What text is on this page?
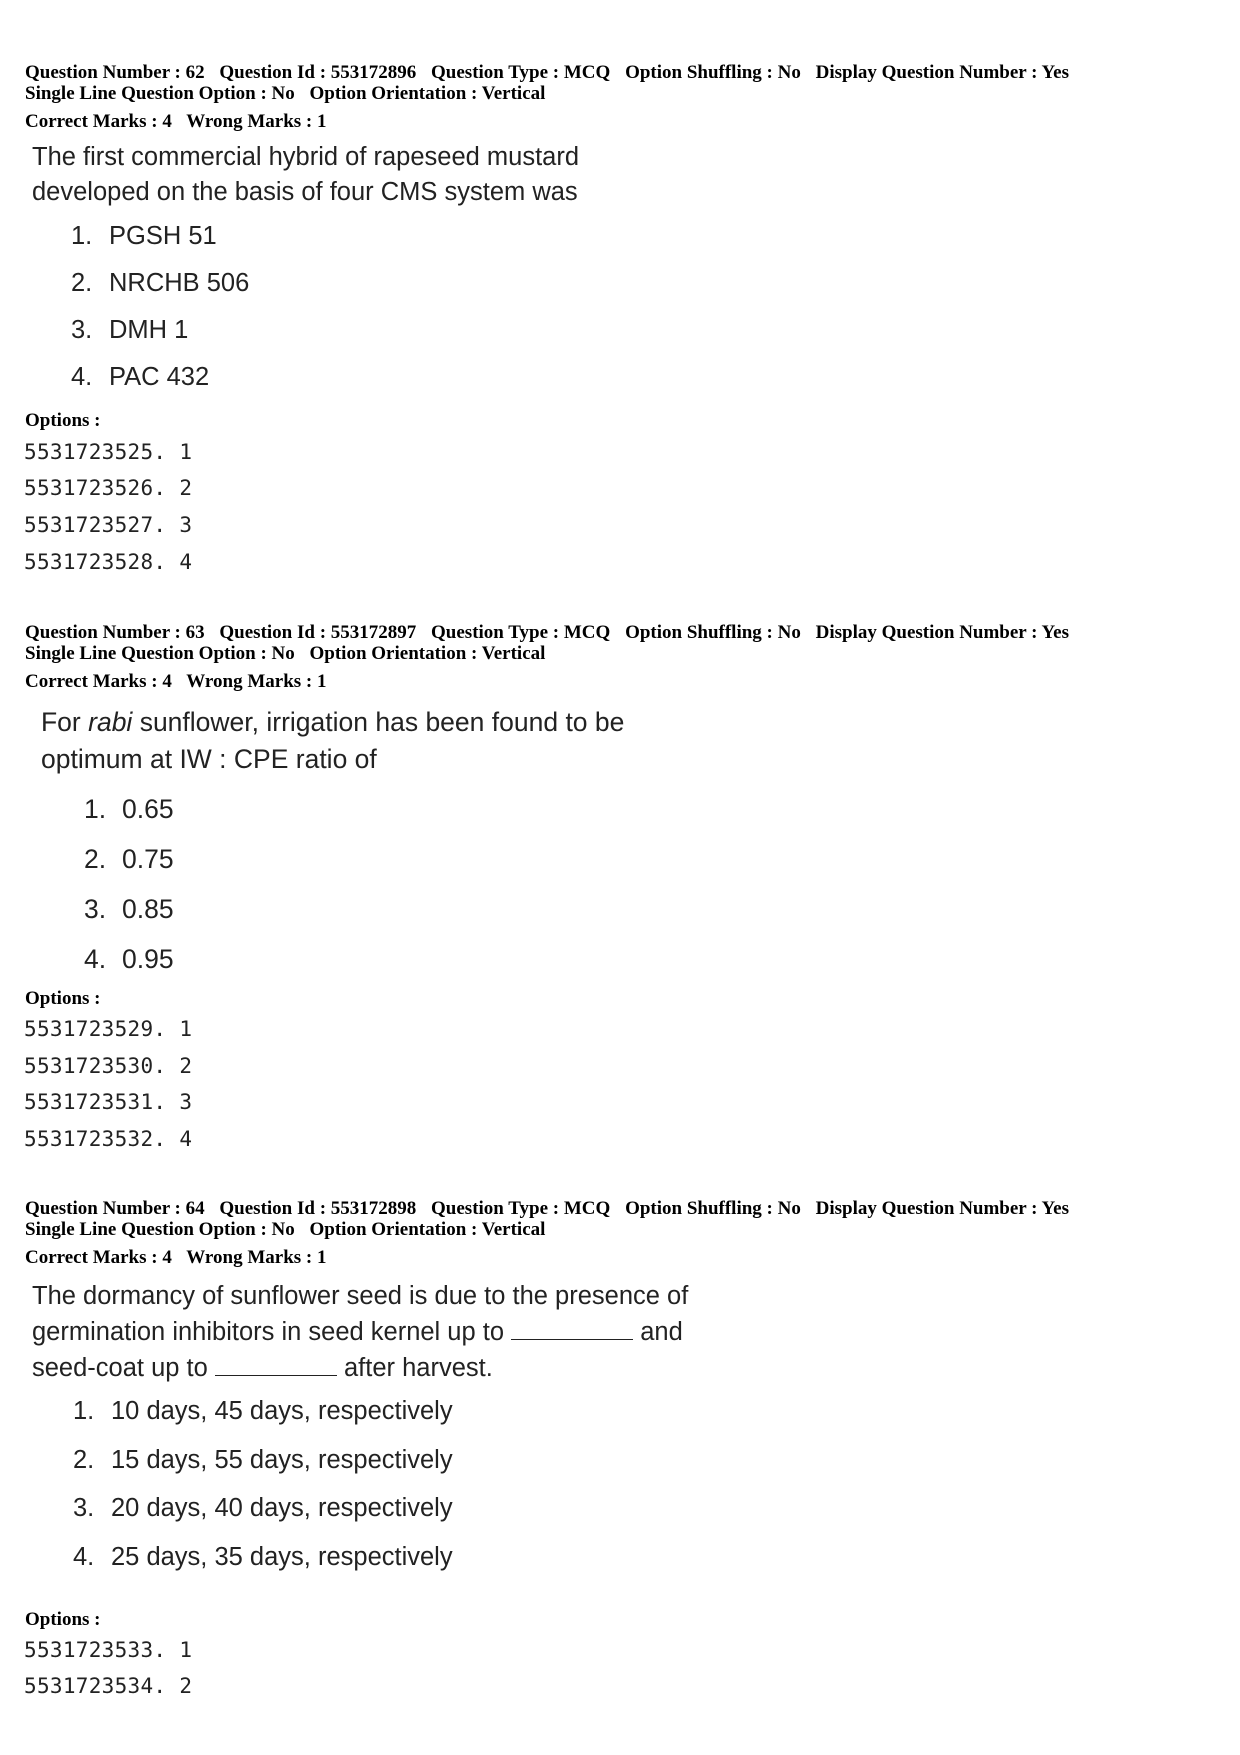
Question Number : 62 Question Id : 553172896 Question Type : MCQ Option Shuffling : No Display Question Number : Yes
Single Line Question Option : No Option Orientation : Vertical
Correct Marks : 4 Wrong Marks : 1
The first commercial hybrid of rapeseed mustard
developed on the basis of four CMS system was
1. PGSH 51
2. NRCHB 506
3. DMH 1
4. PAC 432
Options :
5531723525. 1
5531723526. 2
5531723527. 3
5531723528. 4
Question Number : 63 Question Id : 553172897 Question Type : MCQ Option Shuffling : No Display Question Number : Yes
Single Line Question Option : No Option Orientation : Vertical
Correct Marks : 4 Wrong Marks : 1
For rabi sunflower, irrigation has been found to be
optimum at IW : CPE ratio of
1. 0.65
2. 0.75
3. 0.85
4. 0.95
Options :
5531723529. 1
5531723530. 2
5531723531. 3
5531723532. 4
Question Number : 64 Question Id : 553172898 Question Type : MCQ Option Shuffling : No Display Question Number : Yes
Single Line Question Option : No Option Orientation : Vertical
Correct Marks : 4 Wrong Marks : 1
The dormancy of sunflower seed is due to the presence of
germination inhibitors in seed kernel up to	and
seed-coat up to	after harvest.
1. 10 days, 45 days, respectively
2. 15 days, 55 days, respectively
3. 20 days, 40 days, respectively
4. 25 days, 35 days, respectively
Options :
5531723533. 1
5531723534. 2
